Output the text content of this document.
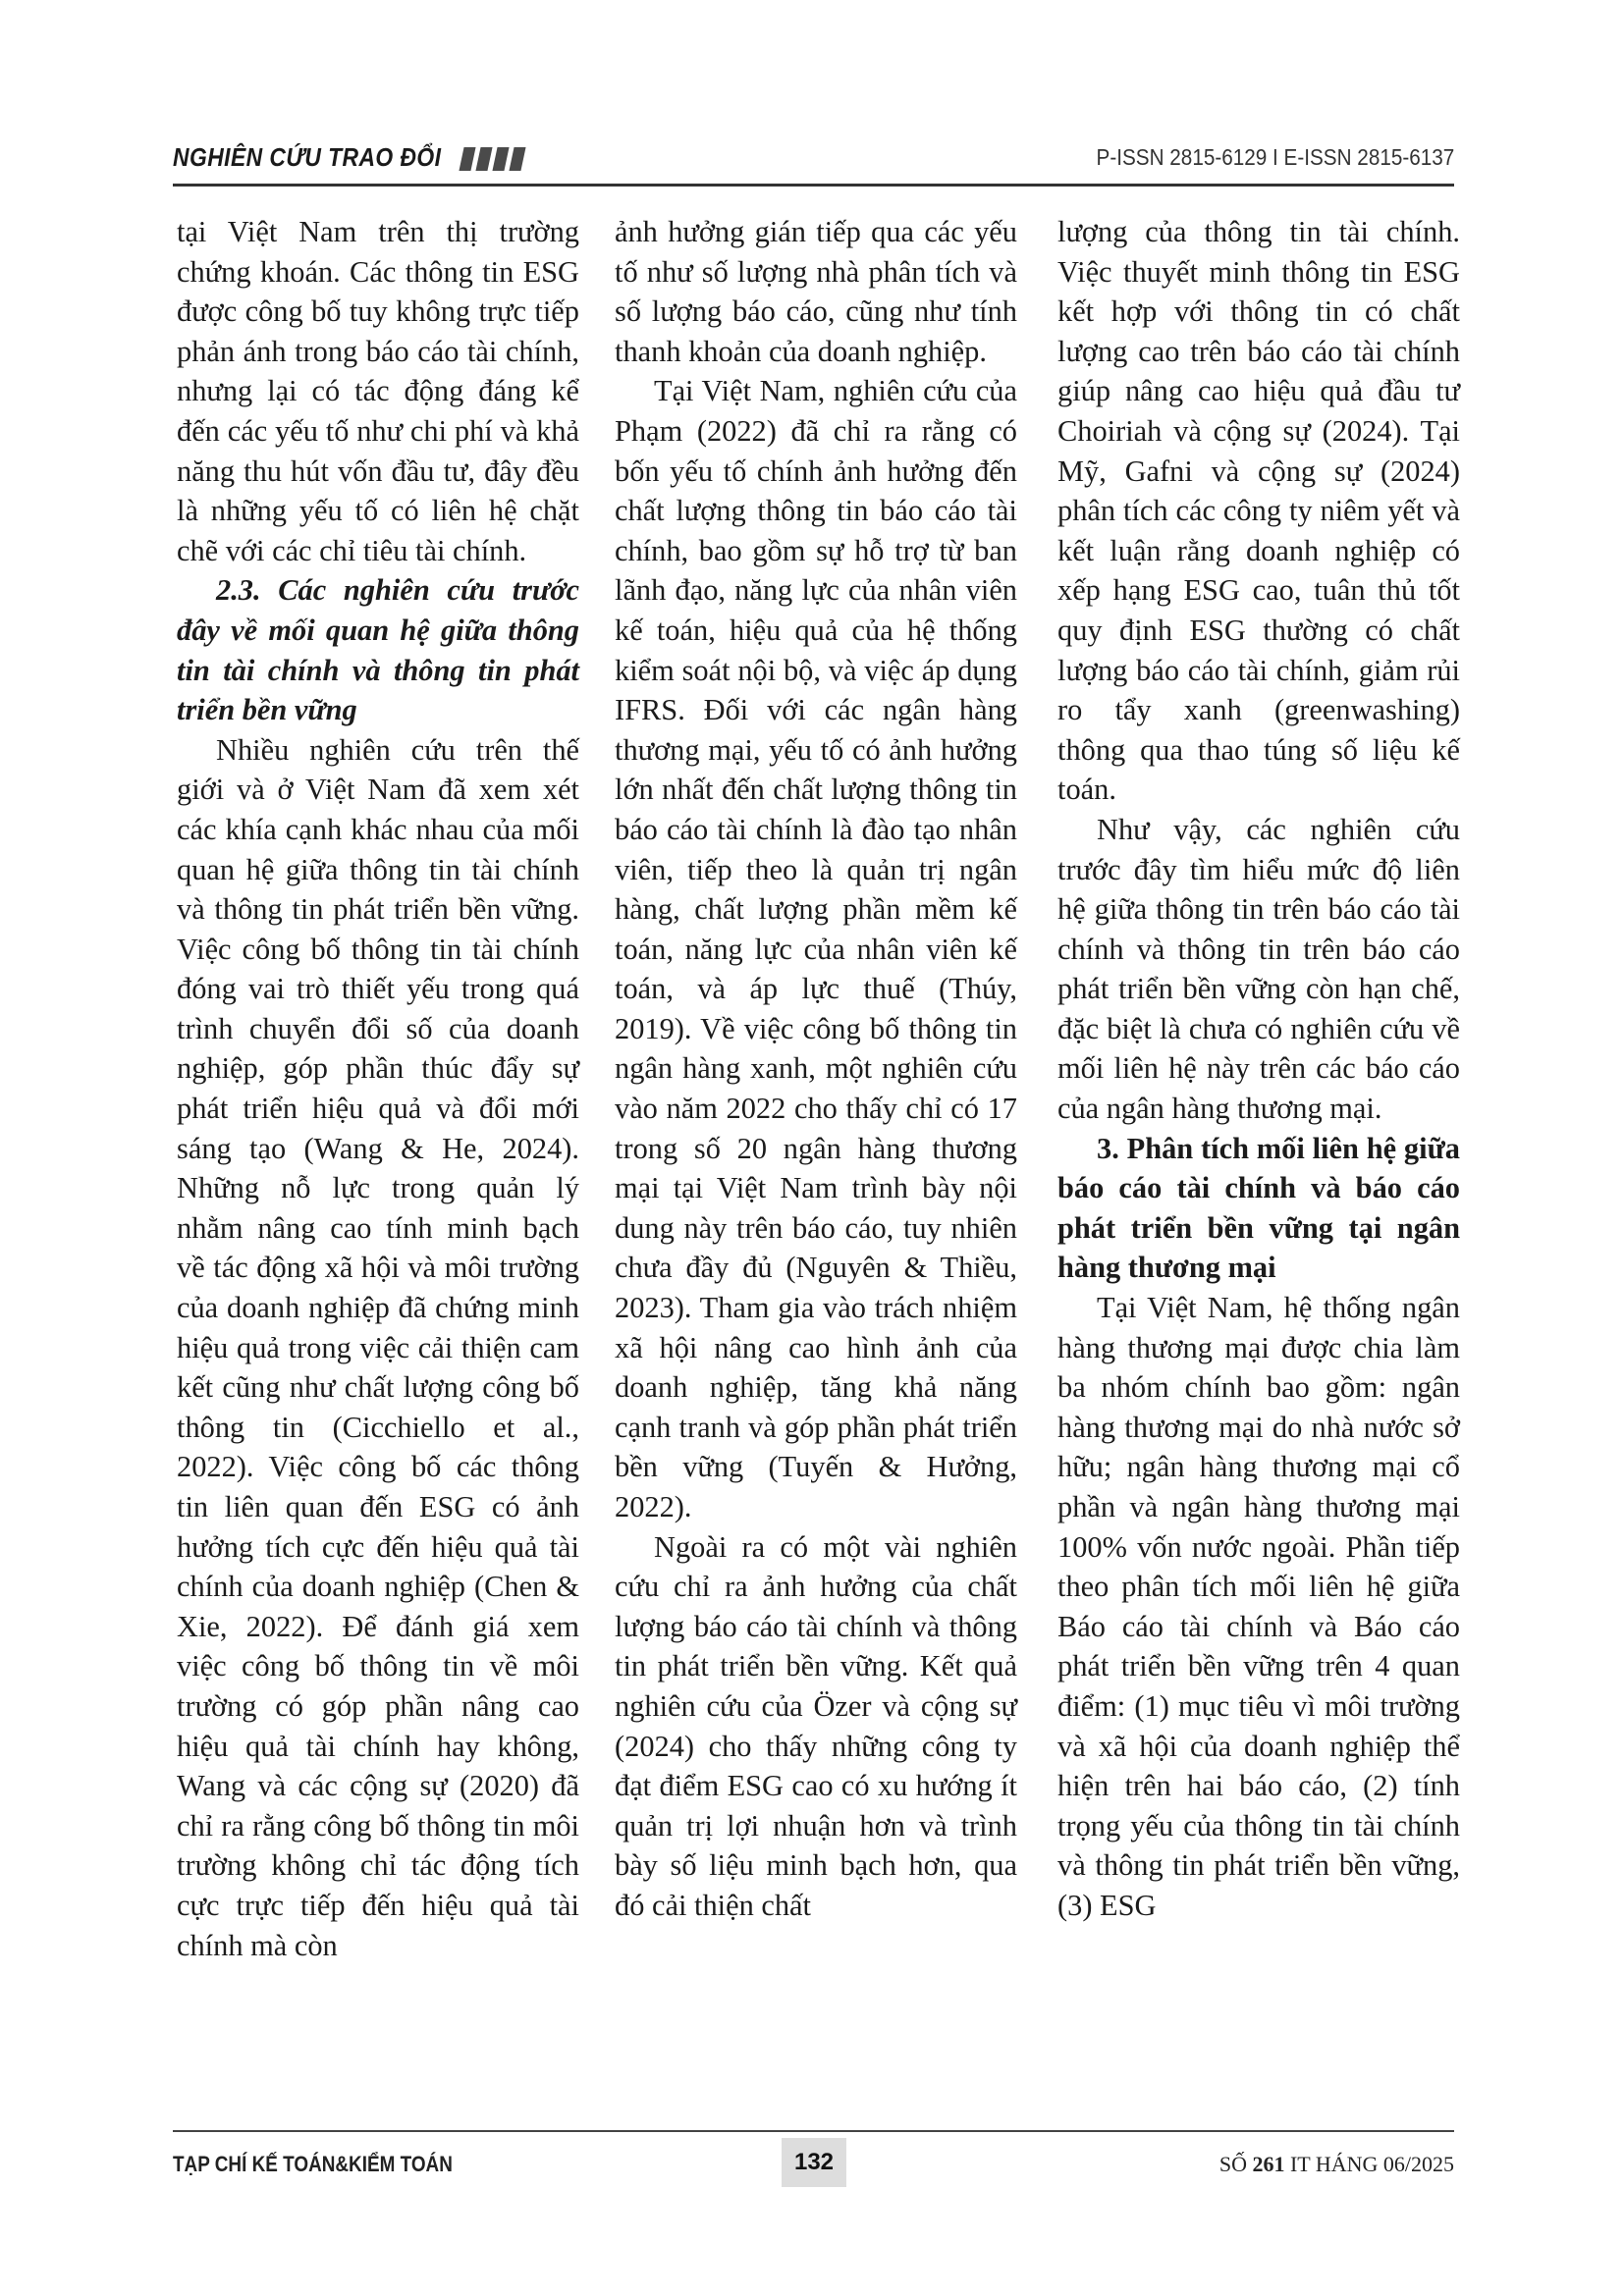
NGHIÊN CỨU TRAO ĐỔI	P-ISSN 2815-6129 I E-ISSN 2815-6137

tại Việt Nam trên thị trường chứng khoán. Các thông tin ESG được công bố tuy không trực tiếp phản ánh trong báo cáo tài chính, nhưng lại có tác động đáng kể đến các yếu tố như chi phí và khả năng thu hút vốn đầu tư, đây đều là những yếu tố có liên hệ chặt chẽ với các chỉ tiêu tài chính.

2.3. Các nghiên cứu trước đây về mối quan hệ giữa thông tin tài chính và thông tin phát triển bền vững

Nhiều nghiên cứu trên thế giới và ở Việt Nam đã xem xét các khía cạnh khác nhau của mối quan hệ giữa thông tin tài chính và thông tin phát triển bền vững. Việc công bố thông tin tài chính đóng vai trò thiết yếu trong quá trình chuyển đổi số của doanh nghiệp, góp phần thúc đẩy sự phát triển hiệu quả và đổi mới sáng tạo (Wang & He, 2024). Những nỗ lực trong quản lý nhằm nâng cao tính minh bạch về tác động xã hội và môi trường của doanh nghiệp đã chứng minh hiệu quả trong việc cải thiện cam kết cũng như chất lượng công bố thông tin (Cicchiello et al., 2022). Việc công bố các thông tin liên quan đến ESG có ảnh hưởng tích cực đến hiệu quả tài chính của doanh nghiệp (Chen & Xie, 2022). Để đánh giá xem việc công bố thông tin về môi trường có góp phần nâng cao hiệu quả tài chính hay không, Wang và các cộng sự (2020) đã chỉ ra rằng công bố thông tin môi trường không chỉ tác động tích cực trực tiếp đến hiệu quả tài chính mà còn

ảnh hưởng gián tiếp qua các yếu tố như số lượng nhà phân tích và số lượng báo cáo, cũng như tính thanh khoản của doanh nghiệp.

Tại Việt Nam, nghiên cứu của Phạm (2022) đã chỉ ra rằng có bốn yếu tố chính ảnh hưởng đến chất lượng thông tin báo cáo tài chính, bao gồm sự hỗ trợ từ ban lãnh đạo, năng lực của nhân viên kế toán, hiệu quả của hệ thống kiểm soát nội bộ, và việc áp dụng IFRS. Đối với các ngân hàng thương mại, yếu tố có ảnh hưởng lớn nhất đến chất lượng thông tin báo cáo tài chính là đào tạo nhân viên, tiếp theo là quản trị ngân hàng, chất lượng phần mềm kế toán, năng lực của nhân viên kế toán, và áp lực thuế (Thúy, 2019). Về việc công bố thông tin ngân hàng xanh, một nghiên cứu vào năm 2022 cho thấy chỉ có 17 trong số 20 ngân hàng thương mại tại Việt Nam trình bày nội dung này trên báo cáo, tuy nhiên chưa đầy đủ (Nguyên & Thiều, 2023). Tham gia vào trách nhiệm xã hội nâng cao hình ảnh của doanh nghiệp, tăng khả năng cạnh tranh và góp phần phát triển bền vững (Tuyến & Hưởng, 2022).

Ngoài ra có một vài nghiên cứu chỉ ra ảnh hưởng của chất lượng báo cáo tài chính và thông tin phát triển bền vững. Kết quả nghiên cứu của Özer và cộng sự (2024) cho thấy những công ty đạt điểm ESG cao có xu hướng ít quản trị lợi nhuận hơn và trình bày số liệu minh bạch hơn, qua đó cải thiện chất

lượng của thông tin tài chính. Việc thuyết minh thông tin ESG kết hợp với thông tin có chất lượng cao trên báo cáo tài chính giúp nâng cao hiệu quả đầu tư Choiriah và cộng sự (2024). Tại Mỹ, Gafni và cộng sự (2024) phân tích các công ty niêm yết và kết luận rằng doanh nghiệp có xếp hạng ESG cao, tuân thủ tốt quy định ESG thường có chất lượng báo cáo tài chính, giảm rủi ro tẩy xanh (greenwashing) thông qua thao túng số liệu kế toán.

Như vậy, các nghiên cứu trước đây tìm hiểu mức độ liên hệ giữa thông tin trên báo cáo tài chính và thông tin trên báo cáo phát triển bền vững còn hạn chế, đặc biệt là chưa có nghiên cứu về mối liên hệ này trên các báo cáo của ngân hàng thương mại.

3. Phân tích mối liên hệ giữa báo cáo tài chính và báo cáo phát triển bền vững tại ngân hàng thương mại

Tại Việt Nam, hệ thống ngân hàng thương mại được chia làm ba nhóm chính bao gồm: ngân hàng thương mại do nhà nước sở hữu; ngân hàng thương mại cổ phần và ngân hàng thương mại 100% vốn nước ngoài. Phần tiếp theo phân tích mối liên hệ giữa Báo cáo tài chính và Báo cáo phát triển bền vững trên 4 quan điểm: (1) mục tiêu vì môi trường và xã hội của doanh nghiệp thể hiện trên hai báo cáo, (2) tính trọng yếu của thông tin tài chính và thông tin phát triển bền vững, (3) ESG

TẠP CHÍ KẾ TOÁN&KIỂM TOÁN	132	SỐ 261 IT HÁNG 06/2025
